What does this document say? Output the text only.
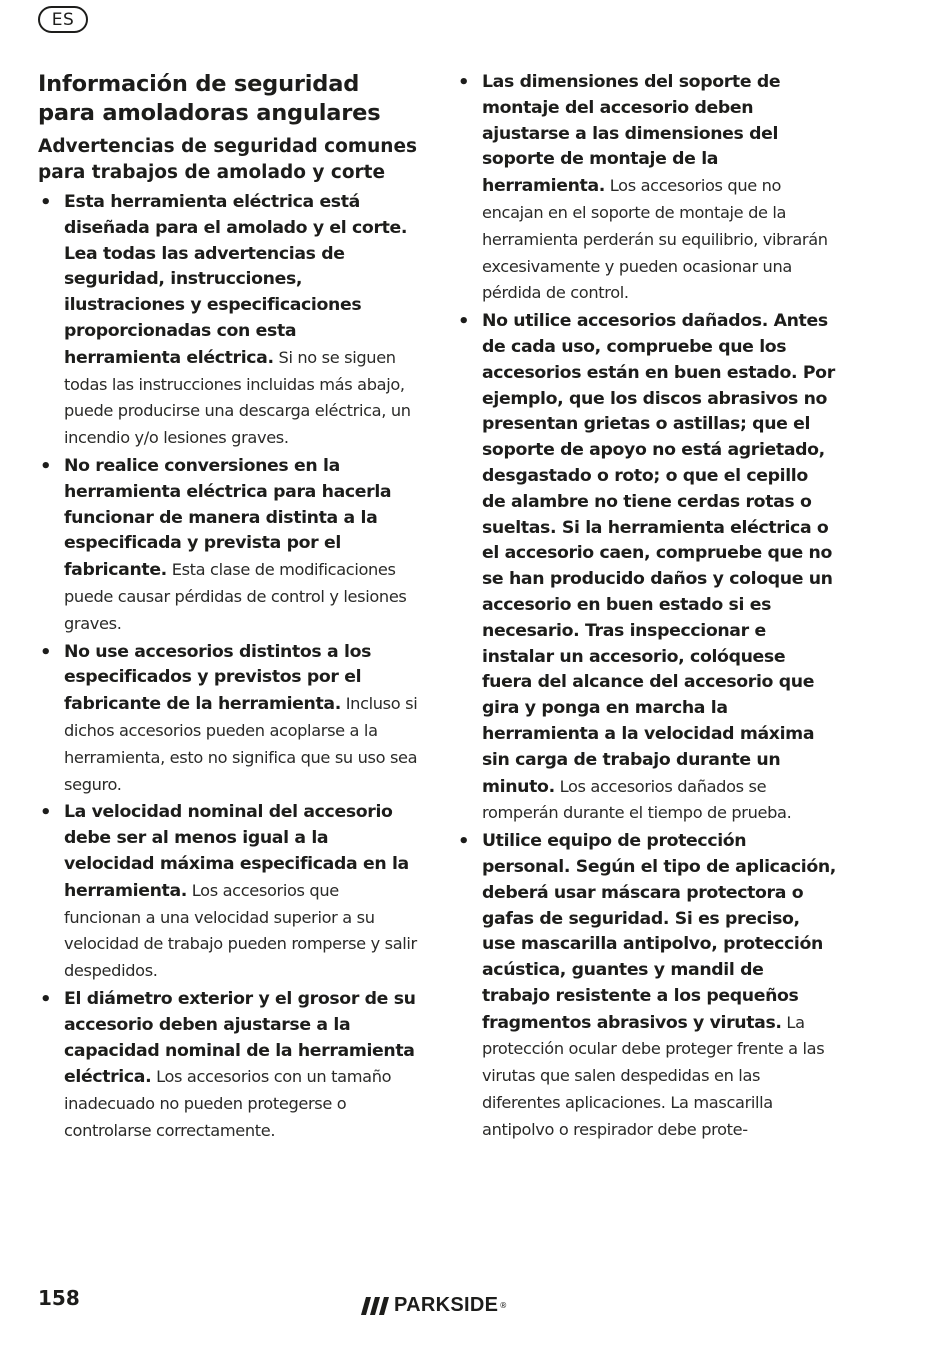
ES
Información de seguridad para amoladoras angulares
Advertencias de seguridad comunes para trabajos de amolado y corte
• Esta herramienta eléctrica está diseñada para el amolado y el corte. Lea todas las advertencias de seguridad, instrucciones, ilustraciones y especificaciones proporcionadas con esta herramienta eléctrica. Si no se siguen todas las instrucciones incluidas más abajo, puede producirse una descarga eléctrica, un incendio y/o lesiones graves.
• No realice conversiones en la herramienta eléctrica para hacerla funcionar de manera distinta a la especificada y prevista por el fabricante. Esta clase de modificaciones puede causar pérdidas de control y lesiones graves.
• No use accesorios distintos a los especificados y previstos por el fabricante de la herramienta. Incluso si dichos accesorios pueden acoplarse a la herramienta, esto no significa que su uso sea seguro.
• La velocidad nominal del accesorio debe ser al menos igual a la velocidad máxima especificada en la herramienta. Los accesorios que funcionan a una velocidad superior a su velocidad de trabajo pueden romperse y salir despedidos.
• El diámetro exterior y el grosor de su accesorio deben ajustarse a la capacidad nominal de la herramienta eléctrica. Los accesorios con un tamaño inadecuado no pueden protegerse o controlarse correctamente.
• Las dimensiones del soporte de montaje del accesorio deben ajustarse a las dimensiones del soporte de montaje de la herramienta. Los accesorios que no encajan en el soporte de montaje de la herramienta perderán su equilibrio, vibrarán excesivamente y pueden ocasionar una pérdida de control.
• No utilice accesorios dañados. Antes de cada uso, compruebe que los accesorios están en buen estado. Por ejemplo, que los discos abrasivos no presentan grietas o astillas; que el soporte de apoyo no está agrietado, desgastado o roto; o que el cepillo de alambre no tiene cerdas rotas o sueltas. Si la herramienta eléctrica o el accesorio caen, compruebe que no se han producido daños y coloque un accesorio en buen estado si es necesario. Tras inspeccionar e instalar un accesorio, colóquese fuera del alcance del accesorio que gira y ponga en marcha la herramienta a la velocidad máxima sin carga de trabajo durante un minuto. Los accesorios dañados se romperán durante el tiempo de prueba.
• Utilice equipo de protección personal. Según el tipo de aplicación, deberá usar máscara protectora o gafas de seguridad. Si es preciso, use mascarilla antipolvo, protección acústica, guantes y mandil de trabajo resistente a los pequeños fragmentos abrasivos y virutas. La protección ocular debe proteger frente a las virutas que salen despedidas en las diferentes aplicaciones. La mascarilla antipolvo o respirador debe prote-
158	PARKSIDE ®
